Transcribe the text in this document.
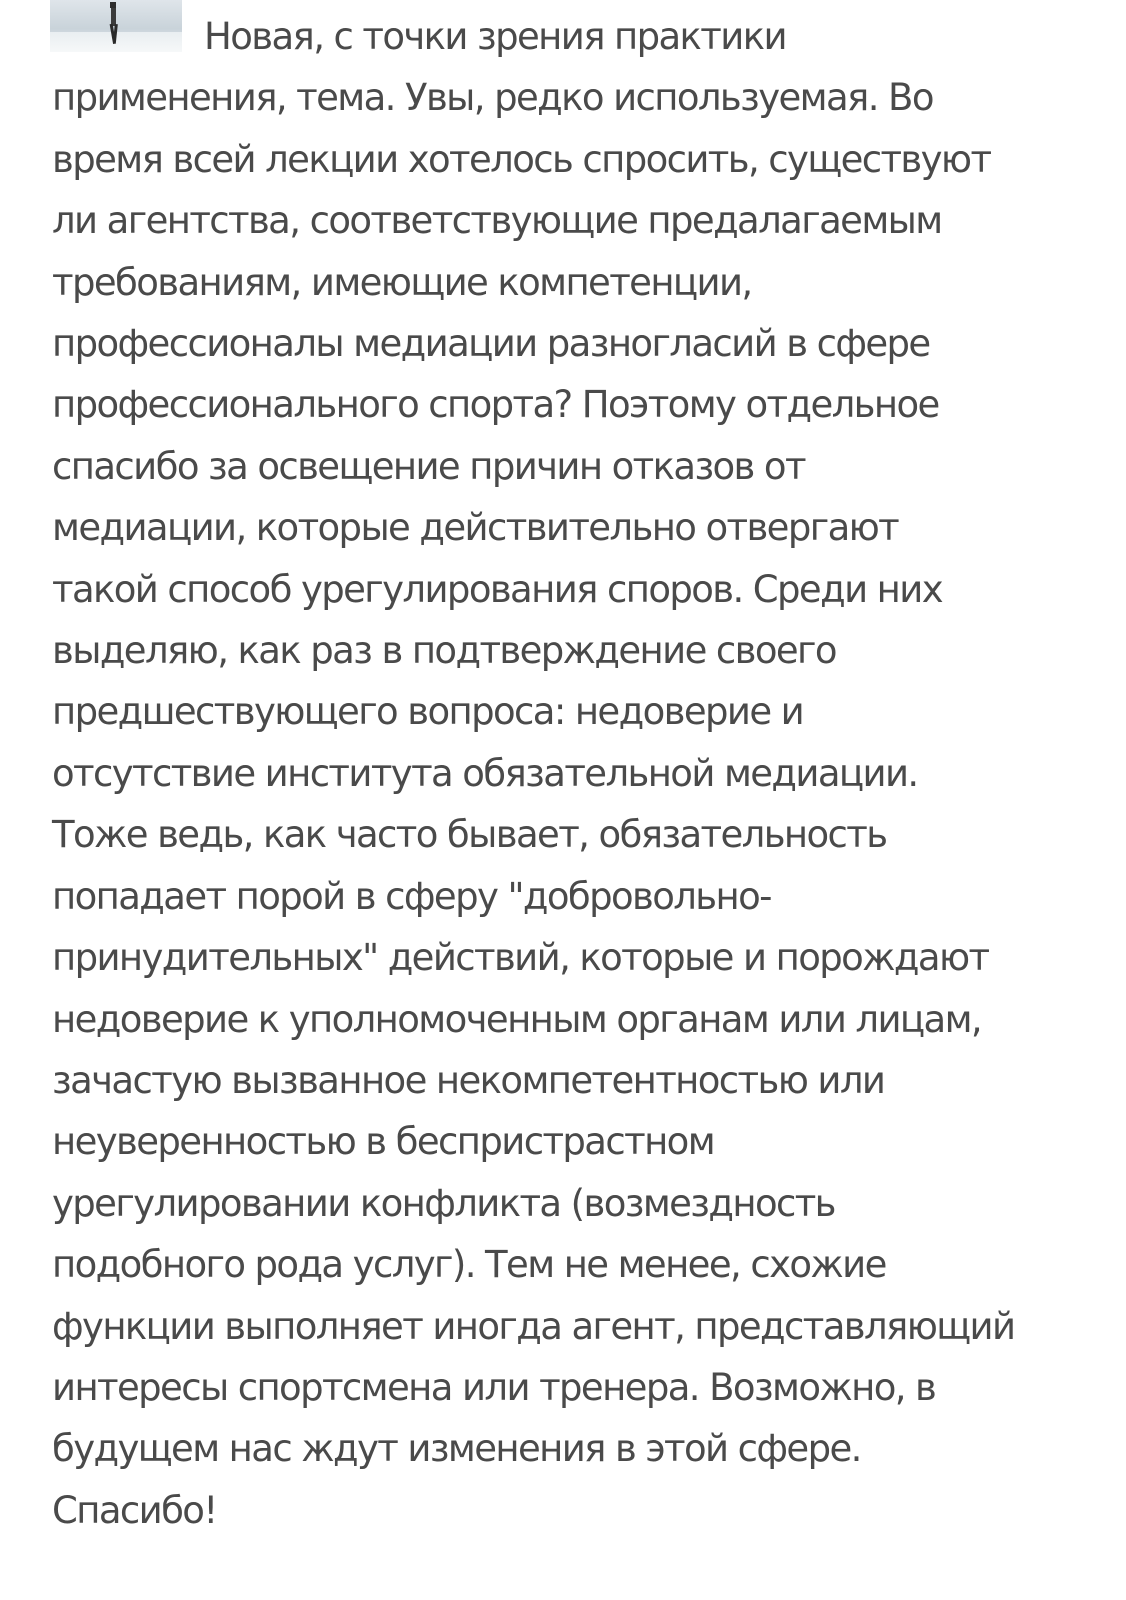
Новая, с точки зрения практики
применения, тема. Увы, редко используемая. Во
время всей лекции хотелось спросить, существуют
ли агентства, соответствующие предалагаемым
требованиям, имеющие компетенции,
профессионалы медиации разногласий в сфере
профессионального спорта? Поэтому отдельное
спасибо за освещение причин отказов от
медиации, которые действительно отвергают
такой способ урегулирования споров. Среди них
выделяю, как раз в подтверждение своего
предшествующего вопроса: недоверие и
отсутствие института обязательной медиации.
Тоже ведь, как часто бывает, обязательность
попадает порой в сферу "добровольно-
принудительных" действий, которые и порождают
недоверие к уполномоченным органам или лицам,
зачастую вызванное некомпетентностью или
неуверенностью в беспристрастном
урегулировании конфликта (возмездность
подобного рода услуг). Тем не менее, схожие
функции выполняет иногда агент, представляющий
интересы спортсмена или тренера. Возможно, в
будущем нас ждут изменения в этой сфере.
Спасибо!
